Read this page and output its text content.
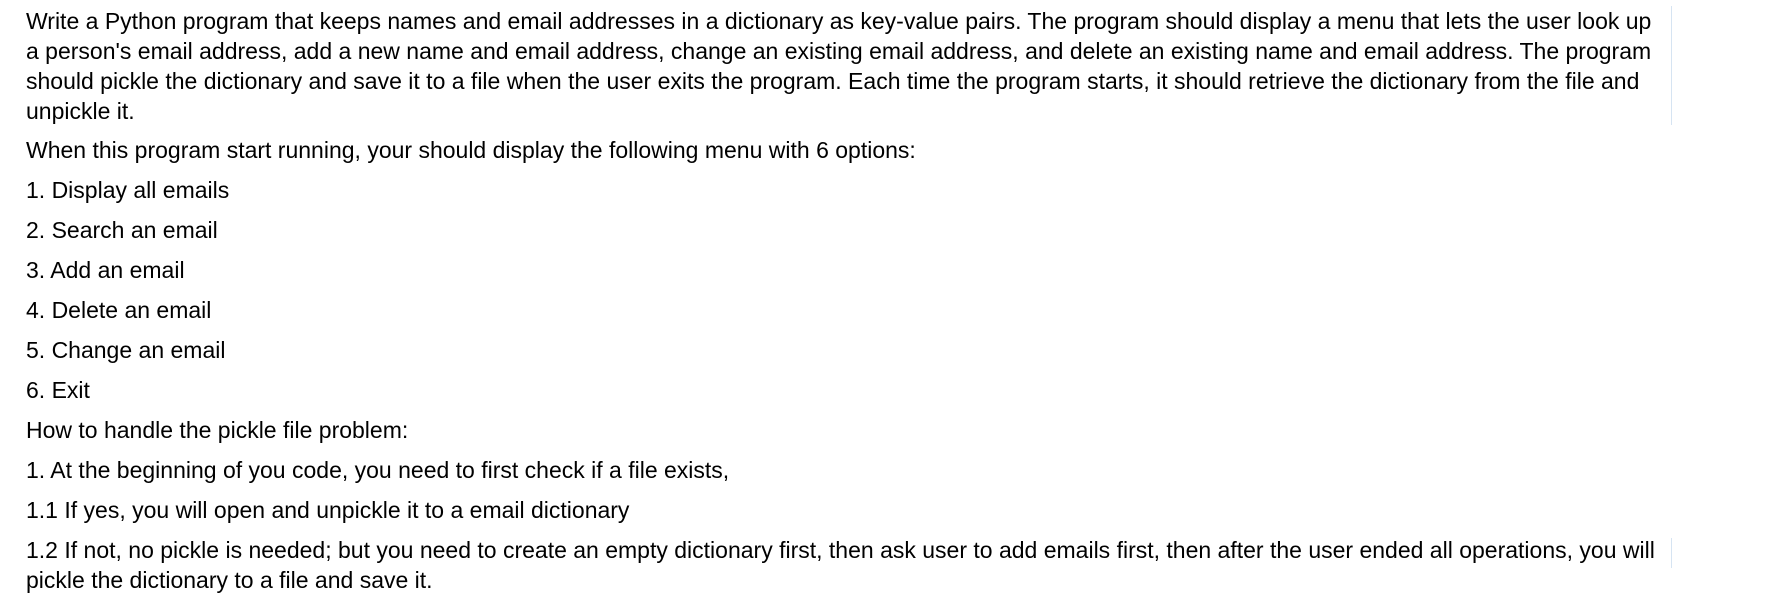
Write a Python program that keeps names and email addresses in a dictionary as key-value pairs. The program should display a menu that lets the user look up a person's email address, add a new name and email address, change an existing email address, and delete an existing name and email address. The program should pickle the dictionary and save it to a file when the user exits the program. Each time the program starts, it should retrieve the dictionary from the file and unpickle it.

When this program start running, your should display the following menu with 6 options:

1. Display all emails

2. Search an email

3. Add an email

4. Delete an email

5. Change an email

6. Exit

How to handle the pickle file problem:

1. At the beginning of you code, you need to first check if a file exists,

1.1 If yes, you will open and unpickle it to a email dictionary

1.2 If not, no pickle is needed; but you need to create an empty dictionary first, then ask user to add emails first, then after the user ended all operations, you will pickle the dictionary to a file and save it.
